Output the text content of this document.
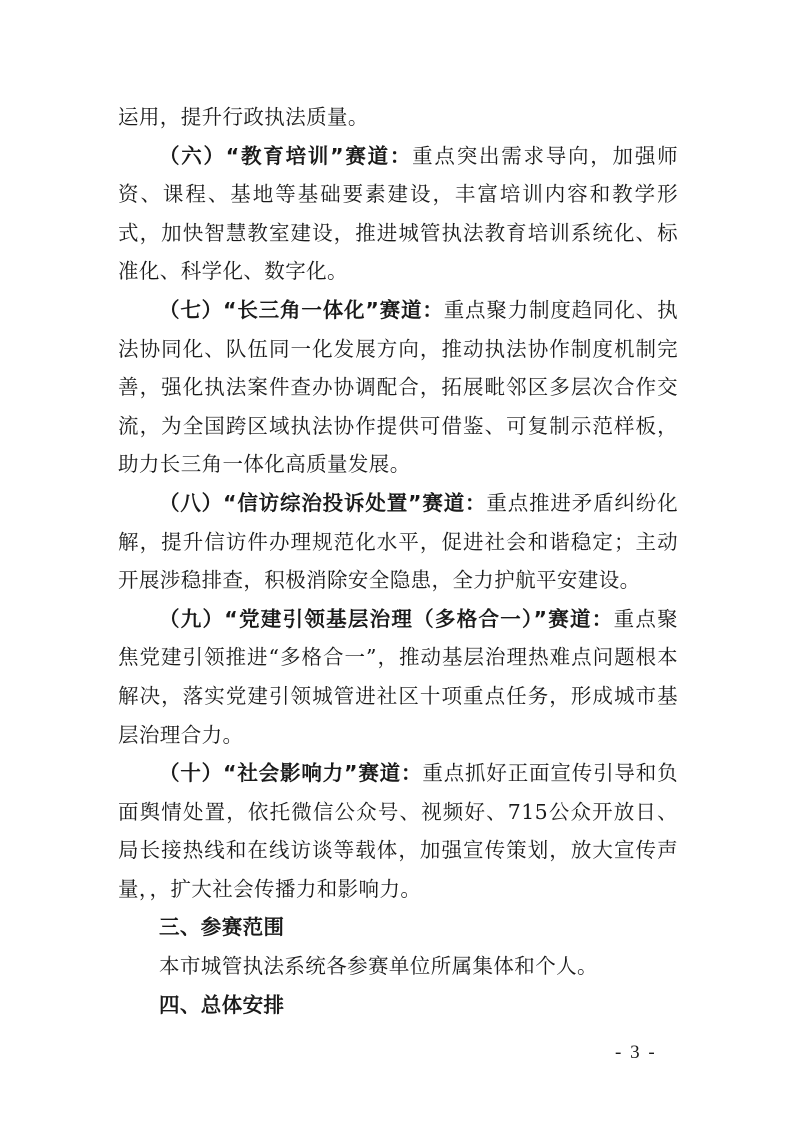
运用，提升行政执法质量。

（六）“教育培训”赛道：重点突出需求导向，加强师资、课程、基地等基础要素建设，丰富培训内容和教学形式，加快智慧教室建设，推进城管执法教育培训系统化、标准化、科学化、数字化。

（七）“长三角一体化”赛道：重点聚力制度趋同化、执法协同化、队伍同一化发展方向，推动执法协作制度机制完善，强化执法案件查办协调配合，拓展毗邻区多层次合作交流，为全国跨区域执法协作提供可借鉴、可复制示范样板，助力长三角一体化高质量发展。

（八）“信访综治投诉处置”赛道：重点推进矛盾纠纷化解，提升信访件办理规范化水平，促进社会和谐稳定；主动开展涉稳排查，积极消除安全隐患，全力护航平安建设。

（九）“党建引领基层治理（多格合一）”赛道：重点聚焦党建引领推进“多格合一”，推动基层治理热难点问题根本解决，落实党建引领城管进社区十项重点任务，形成城市基层治理合力。

（十）“社会影响力”赛道：重点抓好正面宣传引导和负面舆情处置，依托微信公众号、视频好、715公众开放日、局长接热线和在线访谈等载体，加强宣传策划，放大宣传声量，，扩大社会传播力和影响力。

三、参赛范围

本市城管执法系统各参赛单位所属集体和个人。

四、总体安排

- 3 -
